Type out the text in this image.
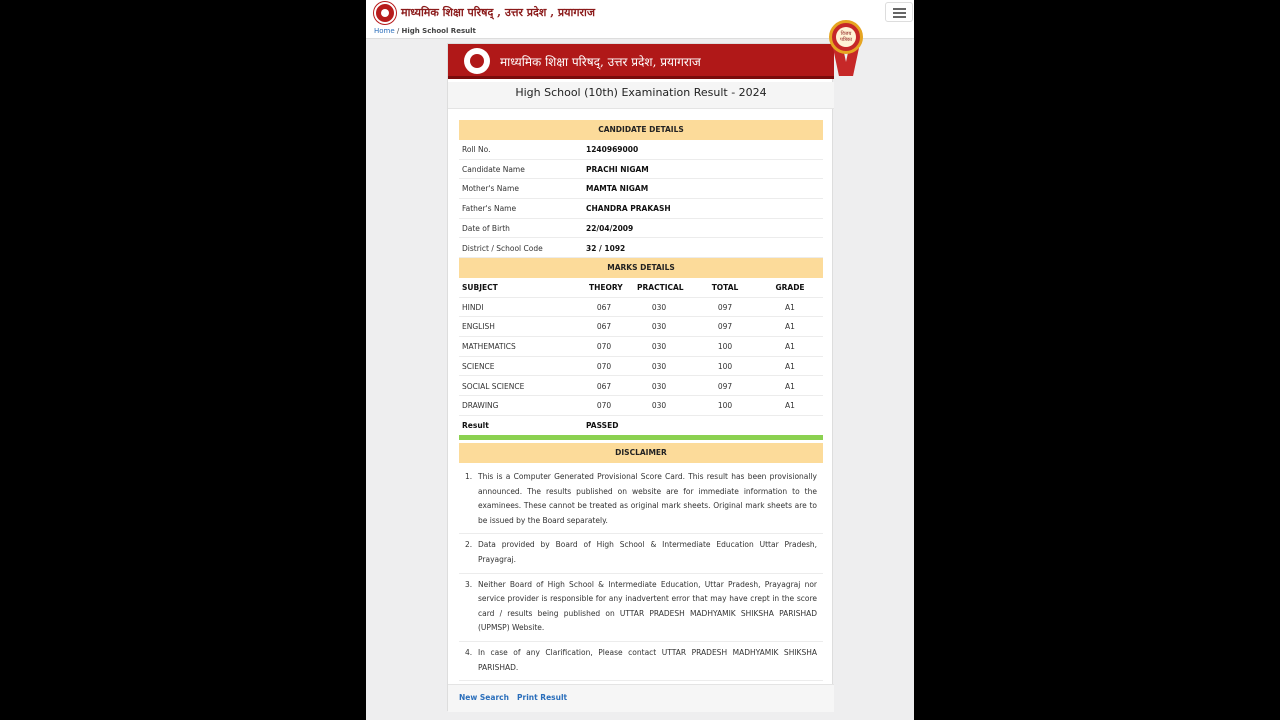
माध्यमिक शिक्षा परिषद् , उत्तर प्रदेश , प्रयागराज
Home / High School Result
माध्यमिक शिक्षा परिषद्, उत्तर प्रदेश, प्रयागराज
High School (10th) Examination Result - 2024
CANDIDATE DETAILS
Roll No.	1240969000
Candidate Name	PRACHI NIGAM
Mother's Name	MAMTA NIGAM
Father's Name	CHANDRA PRAKASH
Date of Birth	22/04/2009
District / School Code	32 / 1092
MARKS DETAILS
SUBJECT	THEORY PRACTICAL	TOTAL	GRADE
HINDI	067	030	097	A1
ENGLISH	067	030	097	A1
MATHEMATICS	070	030	100	A1
SCIENCE	070	030	100	A1
SOCIAL SCIENCE	067	030	097	A1
DRAWING	070	030	100	A1
Result	PASSED
DISCLAIMER
1. This is a Computer Generated Provisional Score Card. This result has been provisionally announced. The results published on website are for immediate information to the examinees. These cannot be treated as original mark sheets. Original mark sheets are to be issued by the Board separately.
2. Data provided by Board of High School & Intermediate Education Uttar Pradesh, Prayagraj.
3. Neither Board of High School & Intermediate Education, Uttar Pradesh, Prayagraj nor service provider is responsible for any inadvertent error that may have crept in the score card / results being published on UTTAR PRADESH MADHYAMIK SHIKSHA PARISHAD (UPMSP) Website.
4. In case of any Clarification, Please contact UTTAR PRADESH MADHYAMIK SHIKSHA PARISHAD.
New Search Print Result
विजय पत्रिका
